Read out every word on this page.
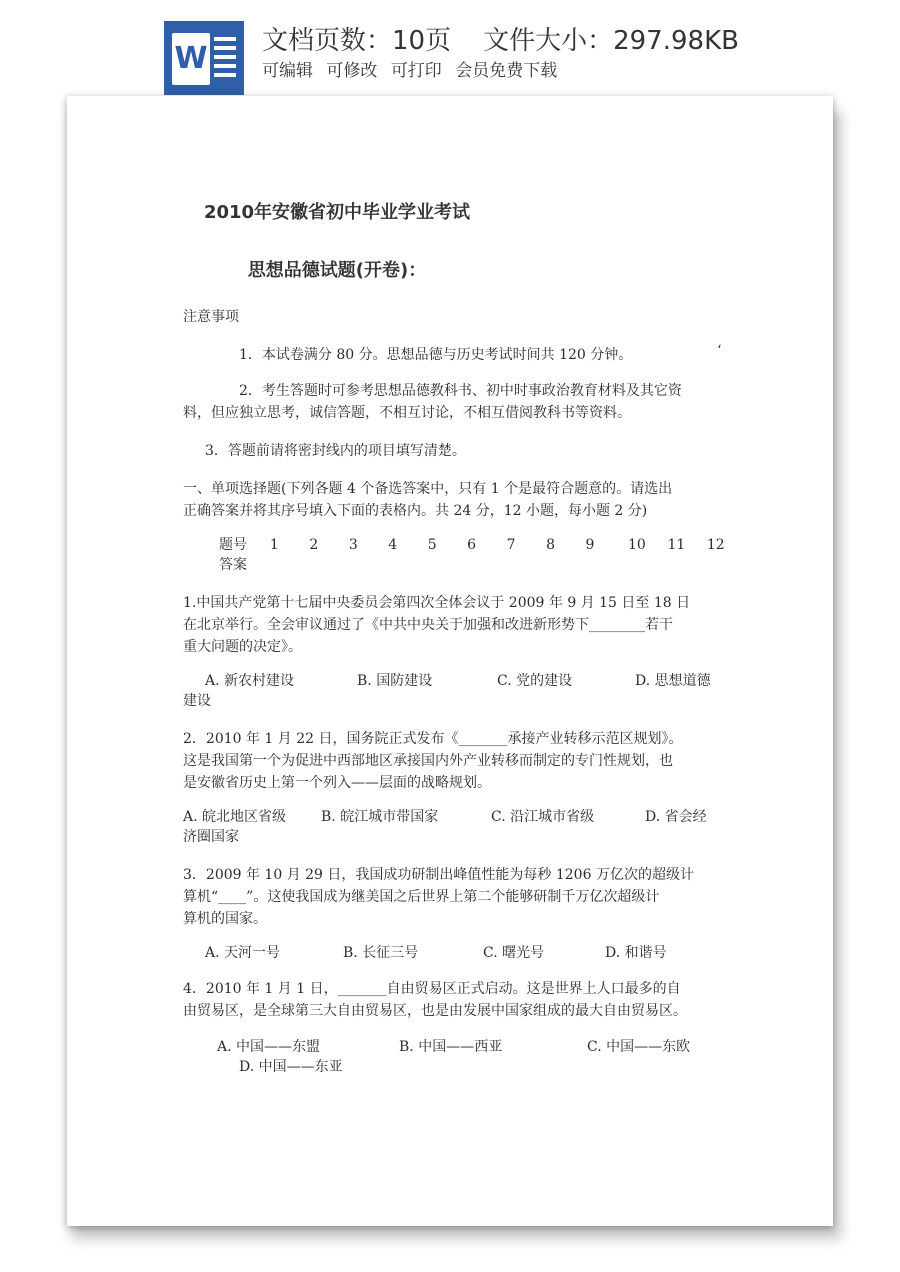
W 文档页数：10页 文件大小：297.98KB
可编辑 可修改 可打印 会员免费下载
2010年安徽省初中毕业学业考试
思想品德试题(开卷)：
注意事项
1．本试卷满分 80 分。思想品德与历史考试时间共 120 分钟。	‘
2．考生答题时可参考思想品德教科书、初中时事政治教育材料及其它资
料，但应独立思考，诚信答题，不相互讨论，不相互借阅教科书等资料。
3．答题前请将密封线内的项目填写清楚。
一、单项选择题(下列各题 4 个备选答案中，只有 1 个是最符合题意的。请选出
正确答案并将其序号填入下面的表格内。共 24 分，12 小题，每小题 2 分)
题号 1 2 3 4 5 6 7 8 9 10 11 12
答案
1.中国共产党第十七届中央委员会第四次全体会议于 2009 年 9 月 15 日至 18 日
在北京举行。全会审议通过了《中共中央关于加强和改进新形势下________若干
重大问题的决定》。
A. 新农村建设	B. 国防建设	C. 党的建设	D. 思想道德
建设
2．2010 年 1 月 22 日，国务院正式发布《_______承接产业转移示范区规划》。
这是我国第一个为促进中西部地区承接国内外产业转移而制定的专门性规划，也
是安徽省历史上第一个列入——层面的战略规划。
A. 皖北地区省级 B. 皖江城市带国家	C. 沿江城市省级	D. 省会经
济圈国家
3．2009 年 10 月 29 日，我国成功研制出峰值性能为每秒 1206 万亿次的超级计
算机“____”。这使我国成为继美国之后世界上第二个能够研制千万亿次超级计
算机的国家。
A. 天河一号	B. 长征三号	C. 曙光号	D. 和谐号
4．2010 年 1 月 1 日，_______自由贸易区正式启动。这是世界上人口最多的自
由贸易区，是全球第三大自由贸易区，也是由发展中国家组成的最大自由贸易区。
A. 中国——东盟	B. 中国——西亚	C. 中国——东欧
D. 中国——东亚
